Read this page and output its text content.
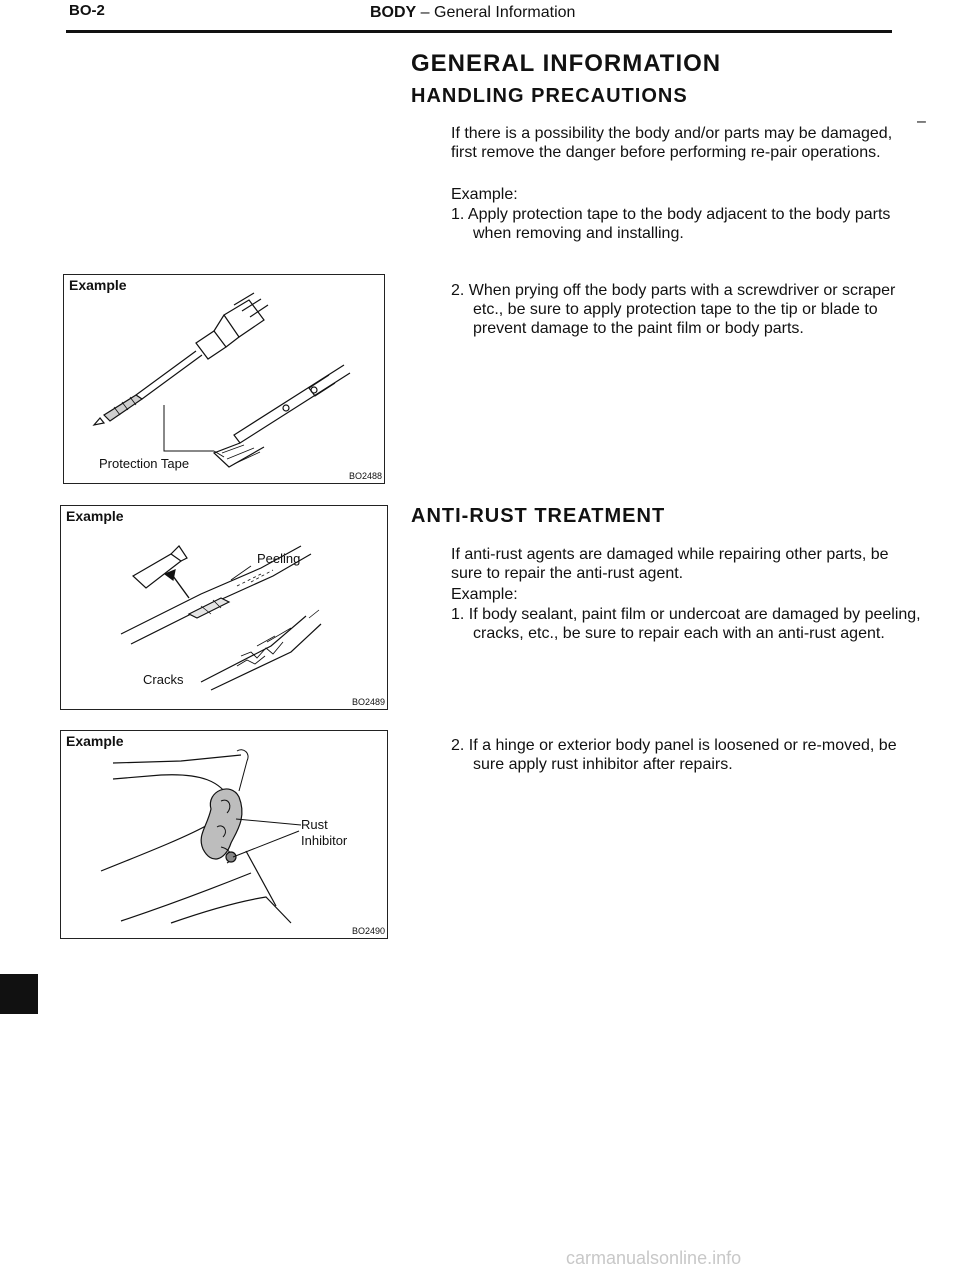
BO-2	BODY – General Information
GENERAL INFORMATION
HANDLING PRECAUTIONS
If there is a possibility the body and/or parts may be damaged, first remove the danger before performing re-pair operations.
Example:
1. Apply protection tape to the body adjacent to the body parts when removing and installing.
–
2. When prying off the body parts with a screwdriver or scraper etc., be sure to apply protection tape to the tip or blade to prevent damage to the paint film or body parts.
ANTI-RUST TREATMENT
If anti-rust agents are damaged while repairing other parts, be sure to repair the anti-rust agent.
Example:
1. If body sealant, paint film or undercoat are damaged by peeling, cracks, etc., be sure to repair each with an anti-rust agent.
2. If a hinge or exterior body panel is loosened or re-moved, be sure apply rust inhibitor after repairs.
Example
Protection Tape
BO2488
Example
Peeling
Cracks
BO2489
Example
Rust
Inhibitor
BO2490
carmanualsonline.info
